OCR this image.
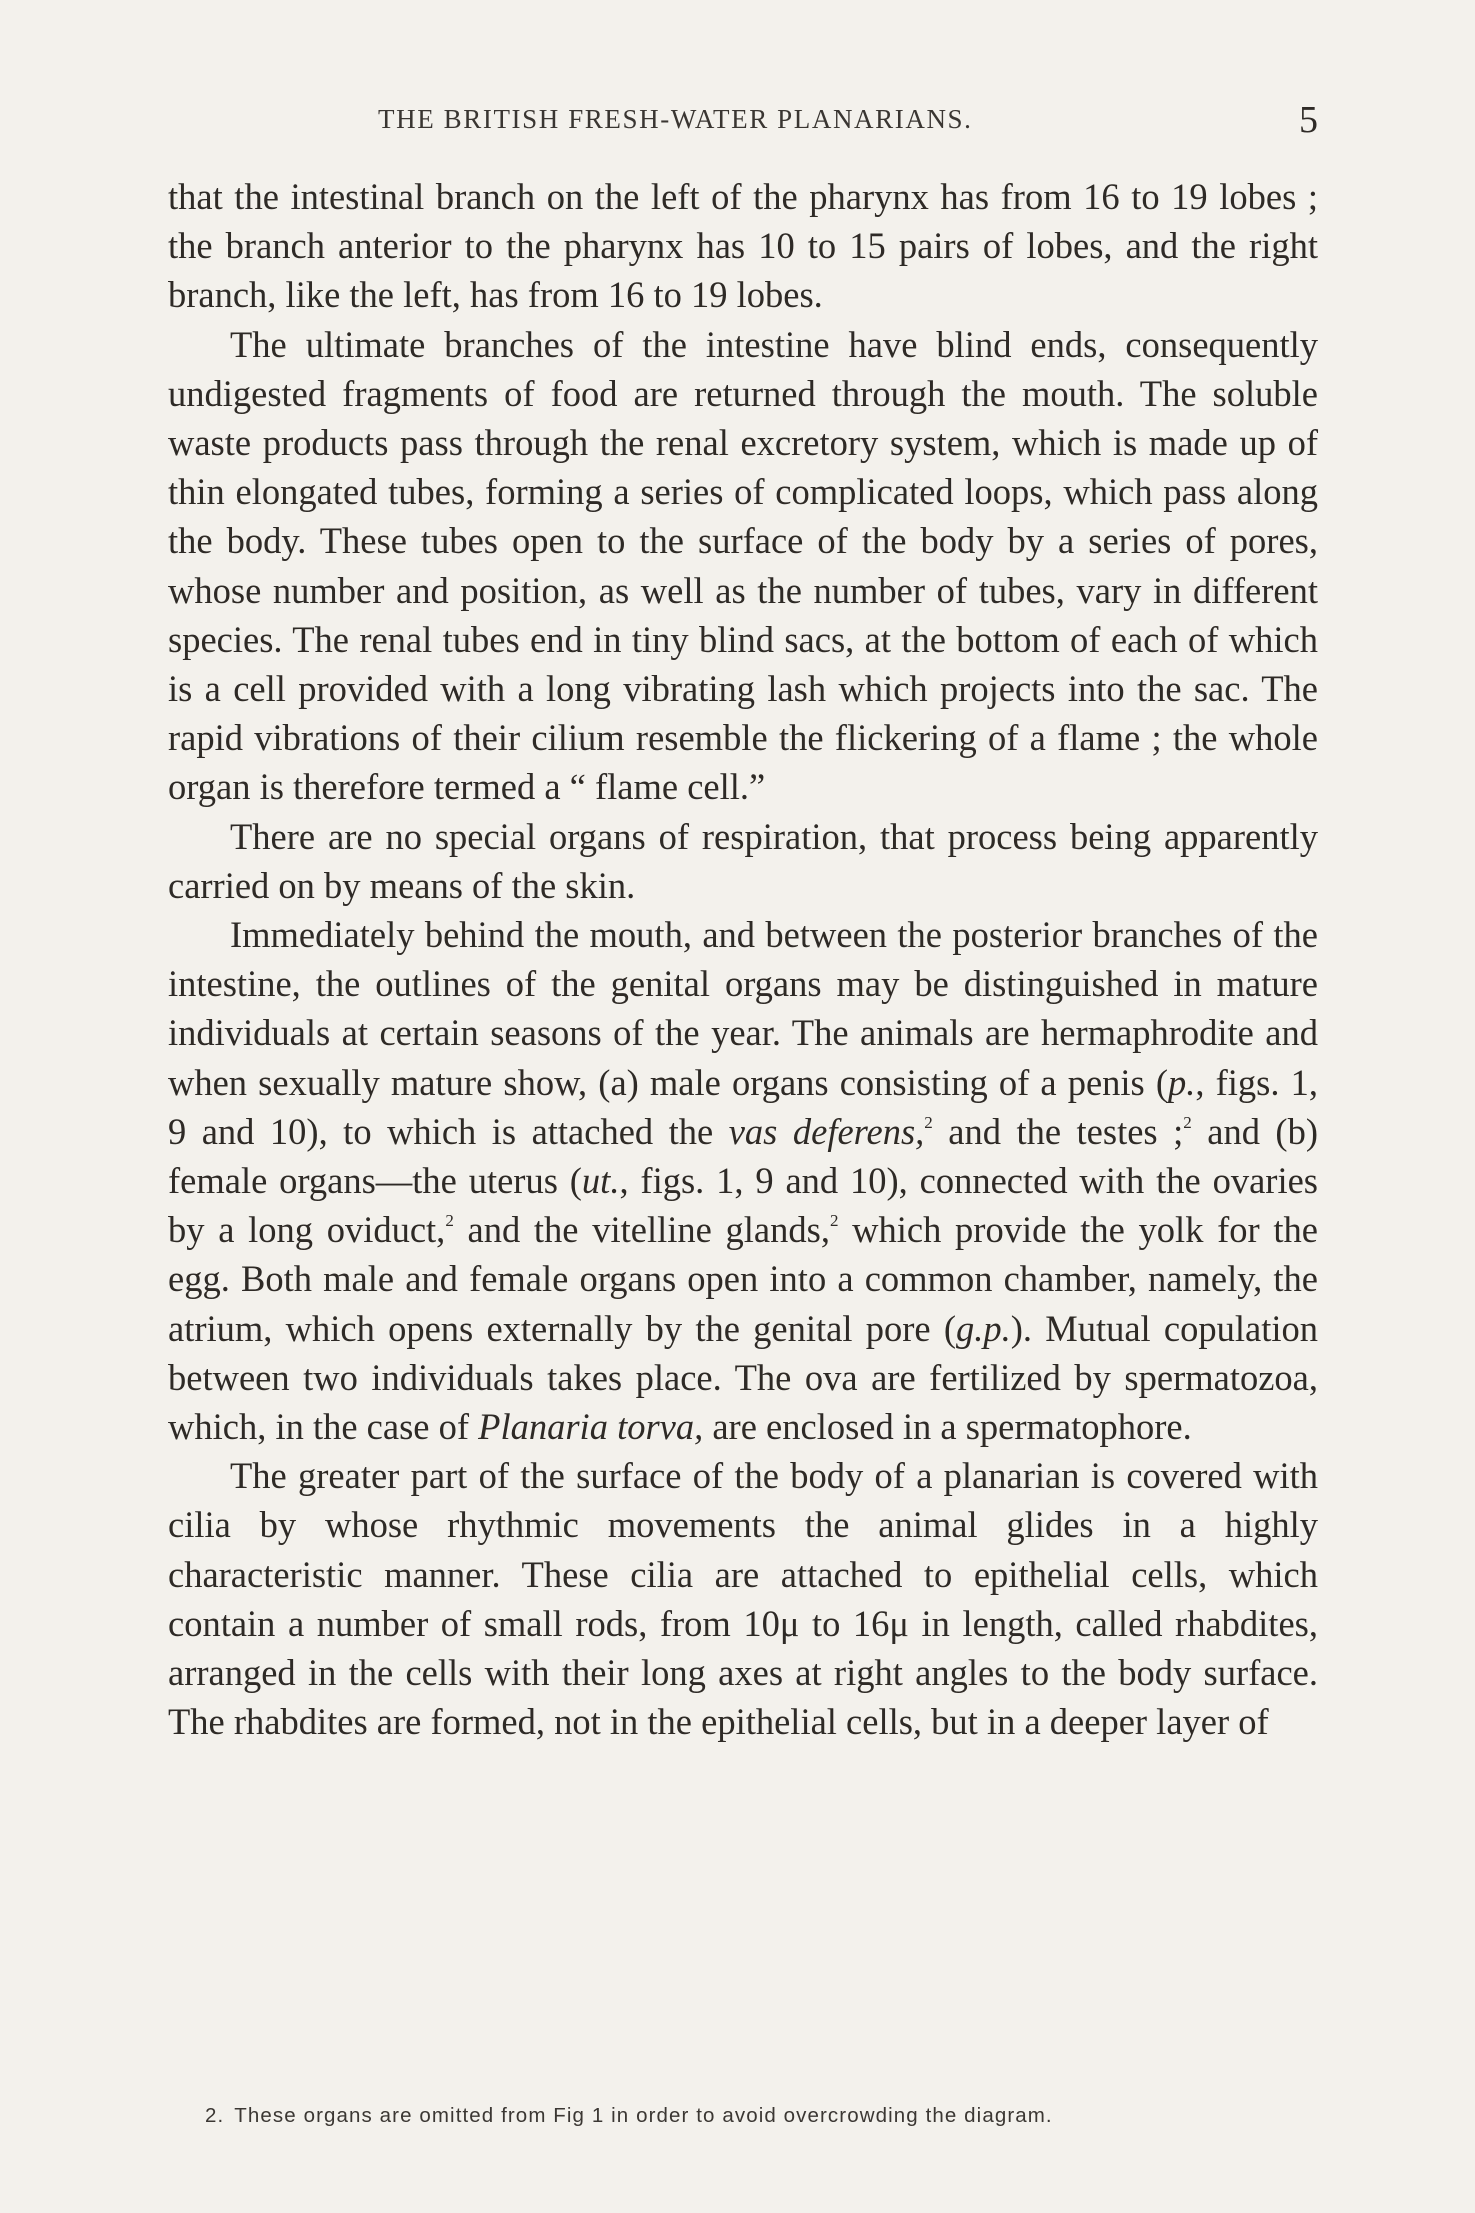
THE BRITISH FRESH-WATER PLANARIANS.	5

that the intestinal branch on the left of the pharynx has from 16 to 19 lobes ; the branch anterior to the pharynx has 10 to 15 pairs of lobes, and the right branch, like the left, has from 16 to 19 lobes.

The ultimate branches of the intestine have blind ends, consequently undigested fragments of food are returned through the mouth. The soluble waste products pass through the renal excretory system, which is made up of thin elongated tubes, forming a series of complicated loops, which pass along the body. These tubes open to the surface of the body by a series of pores, whose number and position, as well as the number of tubes, vary in different species. The renal tubes end in tiny blind sacs, at the bottom of each of which is a cell provided with a long vibrating lash which projects into the sac. The rapid vibrations of their cilium resemble the flickering of a flame ; the whole organ is therefore termed a “ flame cell.”

There are no special organs of respiration, that process being apparently carried on by means of the skin.

Immediately behind the mouth, and between the posterior branches of the intestine, the outlines of the genital organs may be distinguished in mature individuals at certain seasons of the year. The animals are hermaphrodite and when sexually mature show, (a) male organs consisting of a penis (p., figs. 1, 9 and 10), to which is attached the vas deferens,$^2$ and the testes ;$^2$ and (b) female organs—the uterus (ut., figs. 1, 9 and 10), connected with the ovaries by a long oviduct,$^2$ and the vitelline glands,$^2$ which provide the yolk for the egg. Both male and female organs open into a common chamber, namely, the atrium, which opens externally by the genital pore (g.p.). Mutual copulation between two individuals takes place. The ova are fertilized by spermatozoa, which, in the case of Planaria torva, are enclosed in a spermatophore.

The greater part of the surface of the body of a planarian is covered with cilia by whose rhythmic movements the animal glides in a highly characteristic manner. These cilia are attached to epithelial cells, which contain a number of small rods, from 10μ to 16μ in length, called rhabdites, arranged in the cells with their long axes at right angles to the body surface. The rhabdites are formed, not in the epithelial cells, but in a deeper layer of

2. These organs are omitted from Fig 1 in order to avoid overcrowding the diagram.
